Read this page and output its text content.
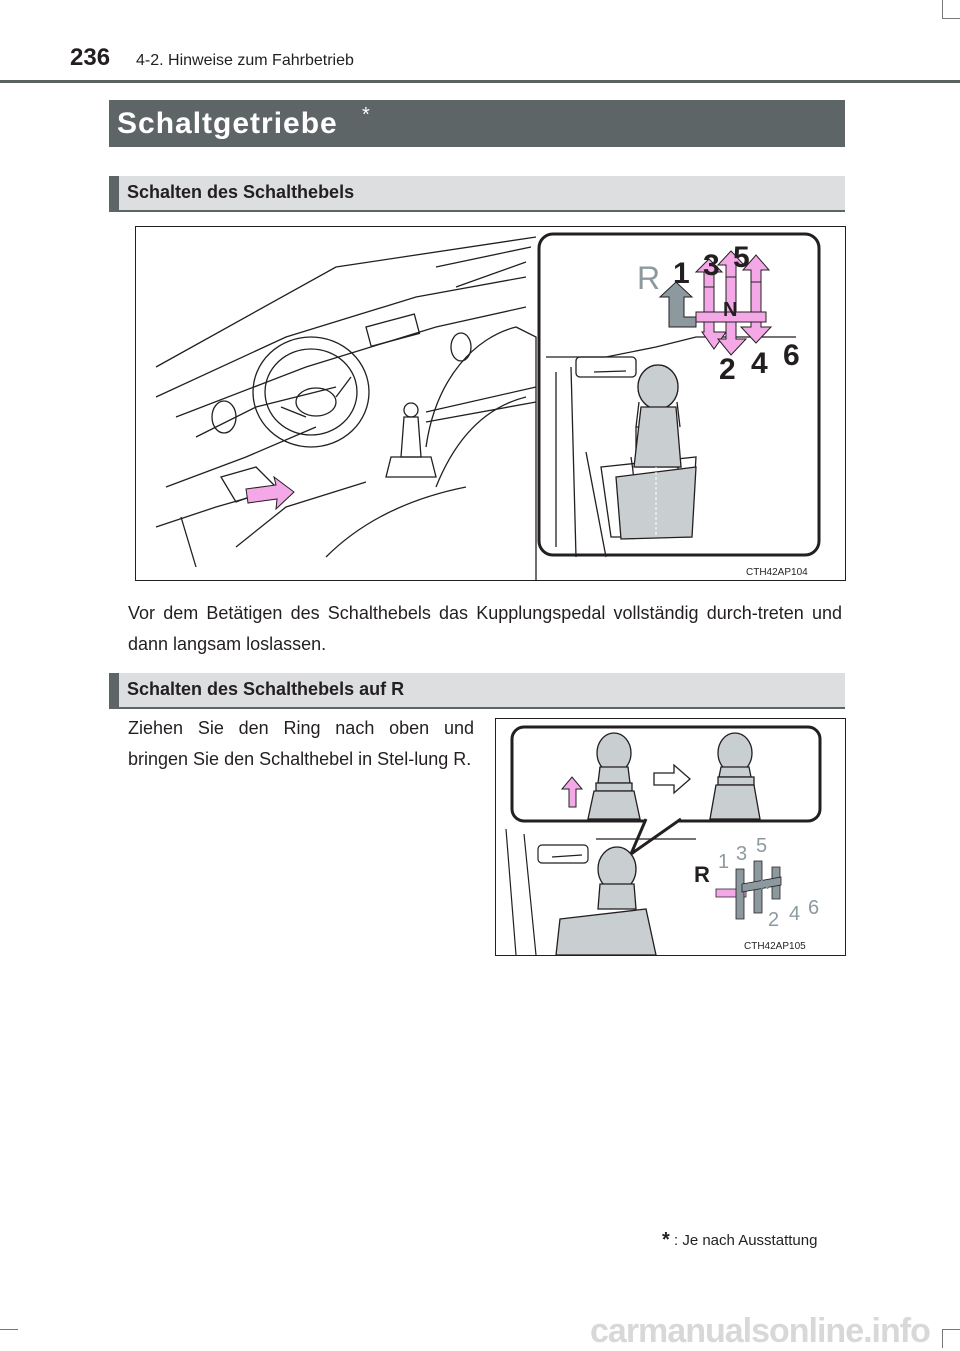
236 4-2. Hinweise zum Fahrbetrieb
Schaltgetriebe *
Schalten des Schalthebels
R 1 3 5
N
2 4 6
CTH42AP104
Vor dem Betätigen des Schalthebels das Kupplungspedal vollständig durch-treten und dann langsam loslassen.
Schalten des Schalthebels auf R
Ziehen Sie den Ring nach oben und bringen Sie den Schalthebel in Stel-lung R.
R 1 3 5
N
2 4 6
CTH42AP105
* : Je nach Ausstattung
carmanualsonline.info
